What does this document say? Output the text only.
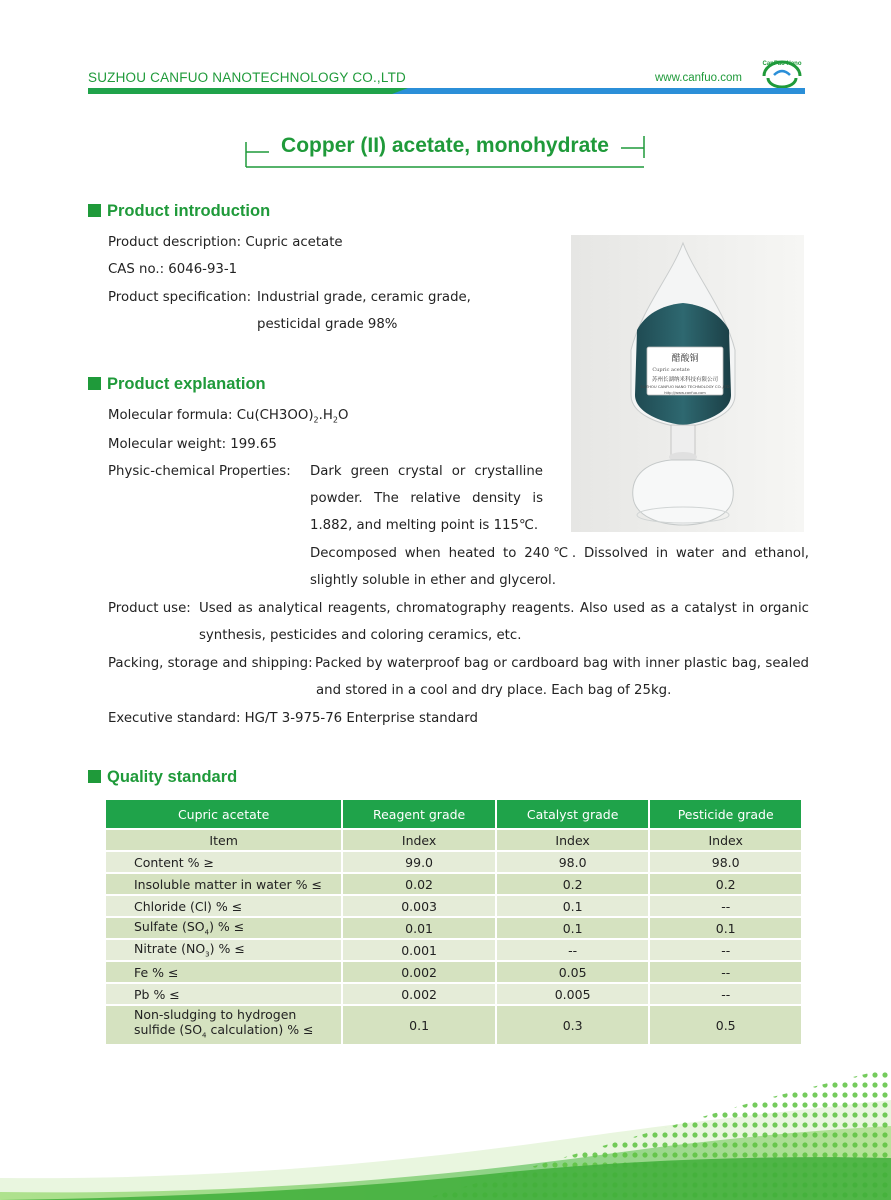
SUZHOU CANFUO NANOTECHNOLOGY CO.,LTD	www.canfuo.com
CanFuo Nano
Copper (II) acetate, monohydrate
Product introduction
Product description: Cupric acetate
CAS no.: 6046-93-1
Product specification: Industrial grade, ceramic grade,
pesticidal grade 98%
醋酸铜
Cupric acetate
苏州长湖纳米科技有限公司
SUZHOU CANFUO NANO TECHNOLOGY CO.,LTD
http://www.canfuo.com
Product explanation
Molecular formula: $Cu(CH3OO)_2.H_2O$
Molecular weight: 199.65
Physic-chemical Properties: Dark green crystal or crystalline
powder. The relative density is
1.882, and melting point is 115℃.
Decomposed when heated to 240℃. Dissolved in water and ethanol,
slightly soluble in ether and glycerol.
Product use: Used as analytical reagents, chromatography reagents. Also used as a catalyst in organic
synthesis, pesticides and coloring ceramics, etc.
Packing, storage and shipping: Packed by waterproof bag or cardboard bag with inner plastic bag, sealed
and stored in a cool and dry place. Each bag of 25kg.
Executive standard: HG/T 3-975-76 Enterprise standard
Quality standard
Cupric acetate	Reagent grade	Catalyst grade	Pesticide grade
Item	Index	Index	Index
Content % ≥	99.0	98.0	98.0
Insoluble matter in water % ≤	0.02	0.2	0.2
Chloride (Cl) % ≤	0.003	0.1	--
Sulfate $(SO_4)$ % ≤	0.01	0.1	0.1
Nitrate $(NO_3)$ % ≤	0.001	--	--
Fe % ≤	0.002	0.05	--
Pb % ≤	0.002	0.005	--
Non-sludging to hydrogen
sulfide ($SO_4$ calculation) % ≤	0.1	0.3	0.5
